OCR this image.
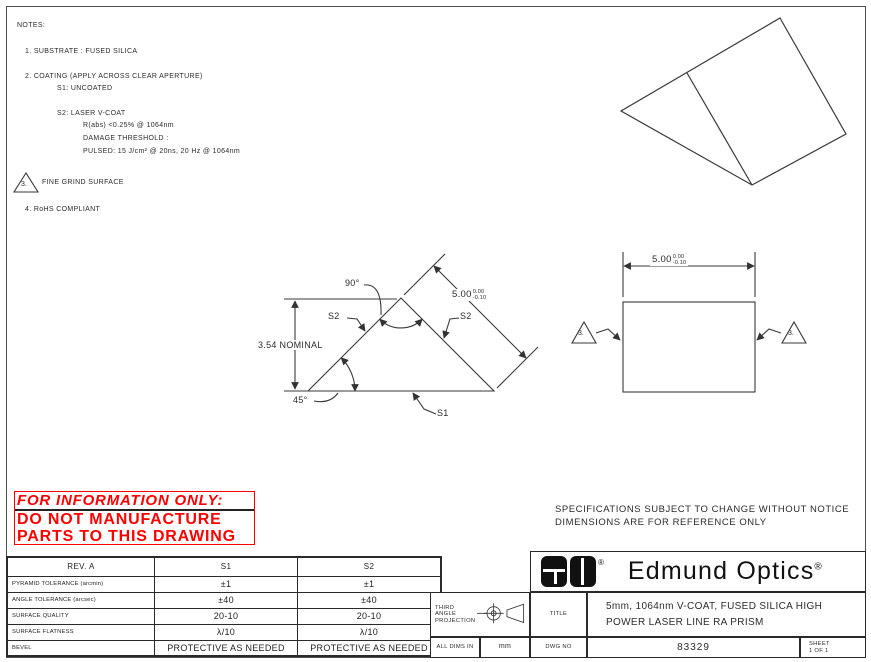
NOTES:
1. SUBSTRATE : FUSED SILICA
2. COATING (APPLY ACROSS CLEAR APERTURE)
S1: UNCOATED
S2: LASER V-COAT
R(abs) <0.25% @ 1064nm
DAMAGE THRESHOLD :
PULSED: 15 J/cm² @ 20ns, 20 Hz @ 1064nm
3. FINE GRIND SURFACE
4. RoHS COMPLIANT
90°
S2	S2
3.54 NOMINAL
45°
S1
5.00 0.00
-0.10
5.00 0.00
-0.10
3.	3.
FOR INFORMATION ONLY:
DO NOT MANUFACTURE
PARTS TO THIS DRAWING
SPECIFICATIONS SUBJECT TO CHANGE WITHOUT NOTICE
DIMENSIONS ARE FOR REFERENCE ONLY
REV. A	S1	S2
PYRAMID TOLERANCE (arcmin)	±1	±1
ANGLE TOLERANCE (arcsec)	±40	±40
SURFACE QUALITY	20-10	20-10
SURFACE FLATNESS	λ/10	λ/10
BEVEL	PROTECTIVE AS NEEDED	PROTECTIVE AS NEEDED
® Edmund Optics®
THIRD ANGLE
PROJECTION
TITLE
5mm, 1064nm V-COAT, FUSED SILICA HIGH
POWER LASER LINE RA PRISM
ALL DIMS IN	mm	DWG NO	83329	SHEET
1 OF 1
